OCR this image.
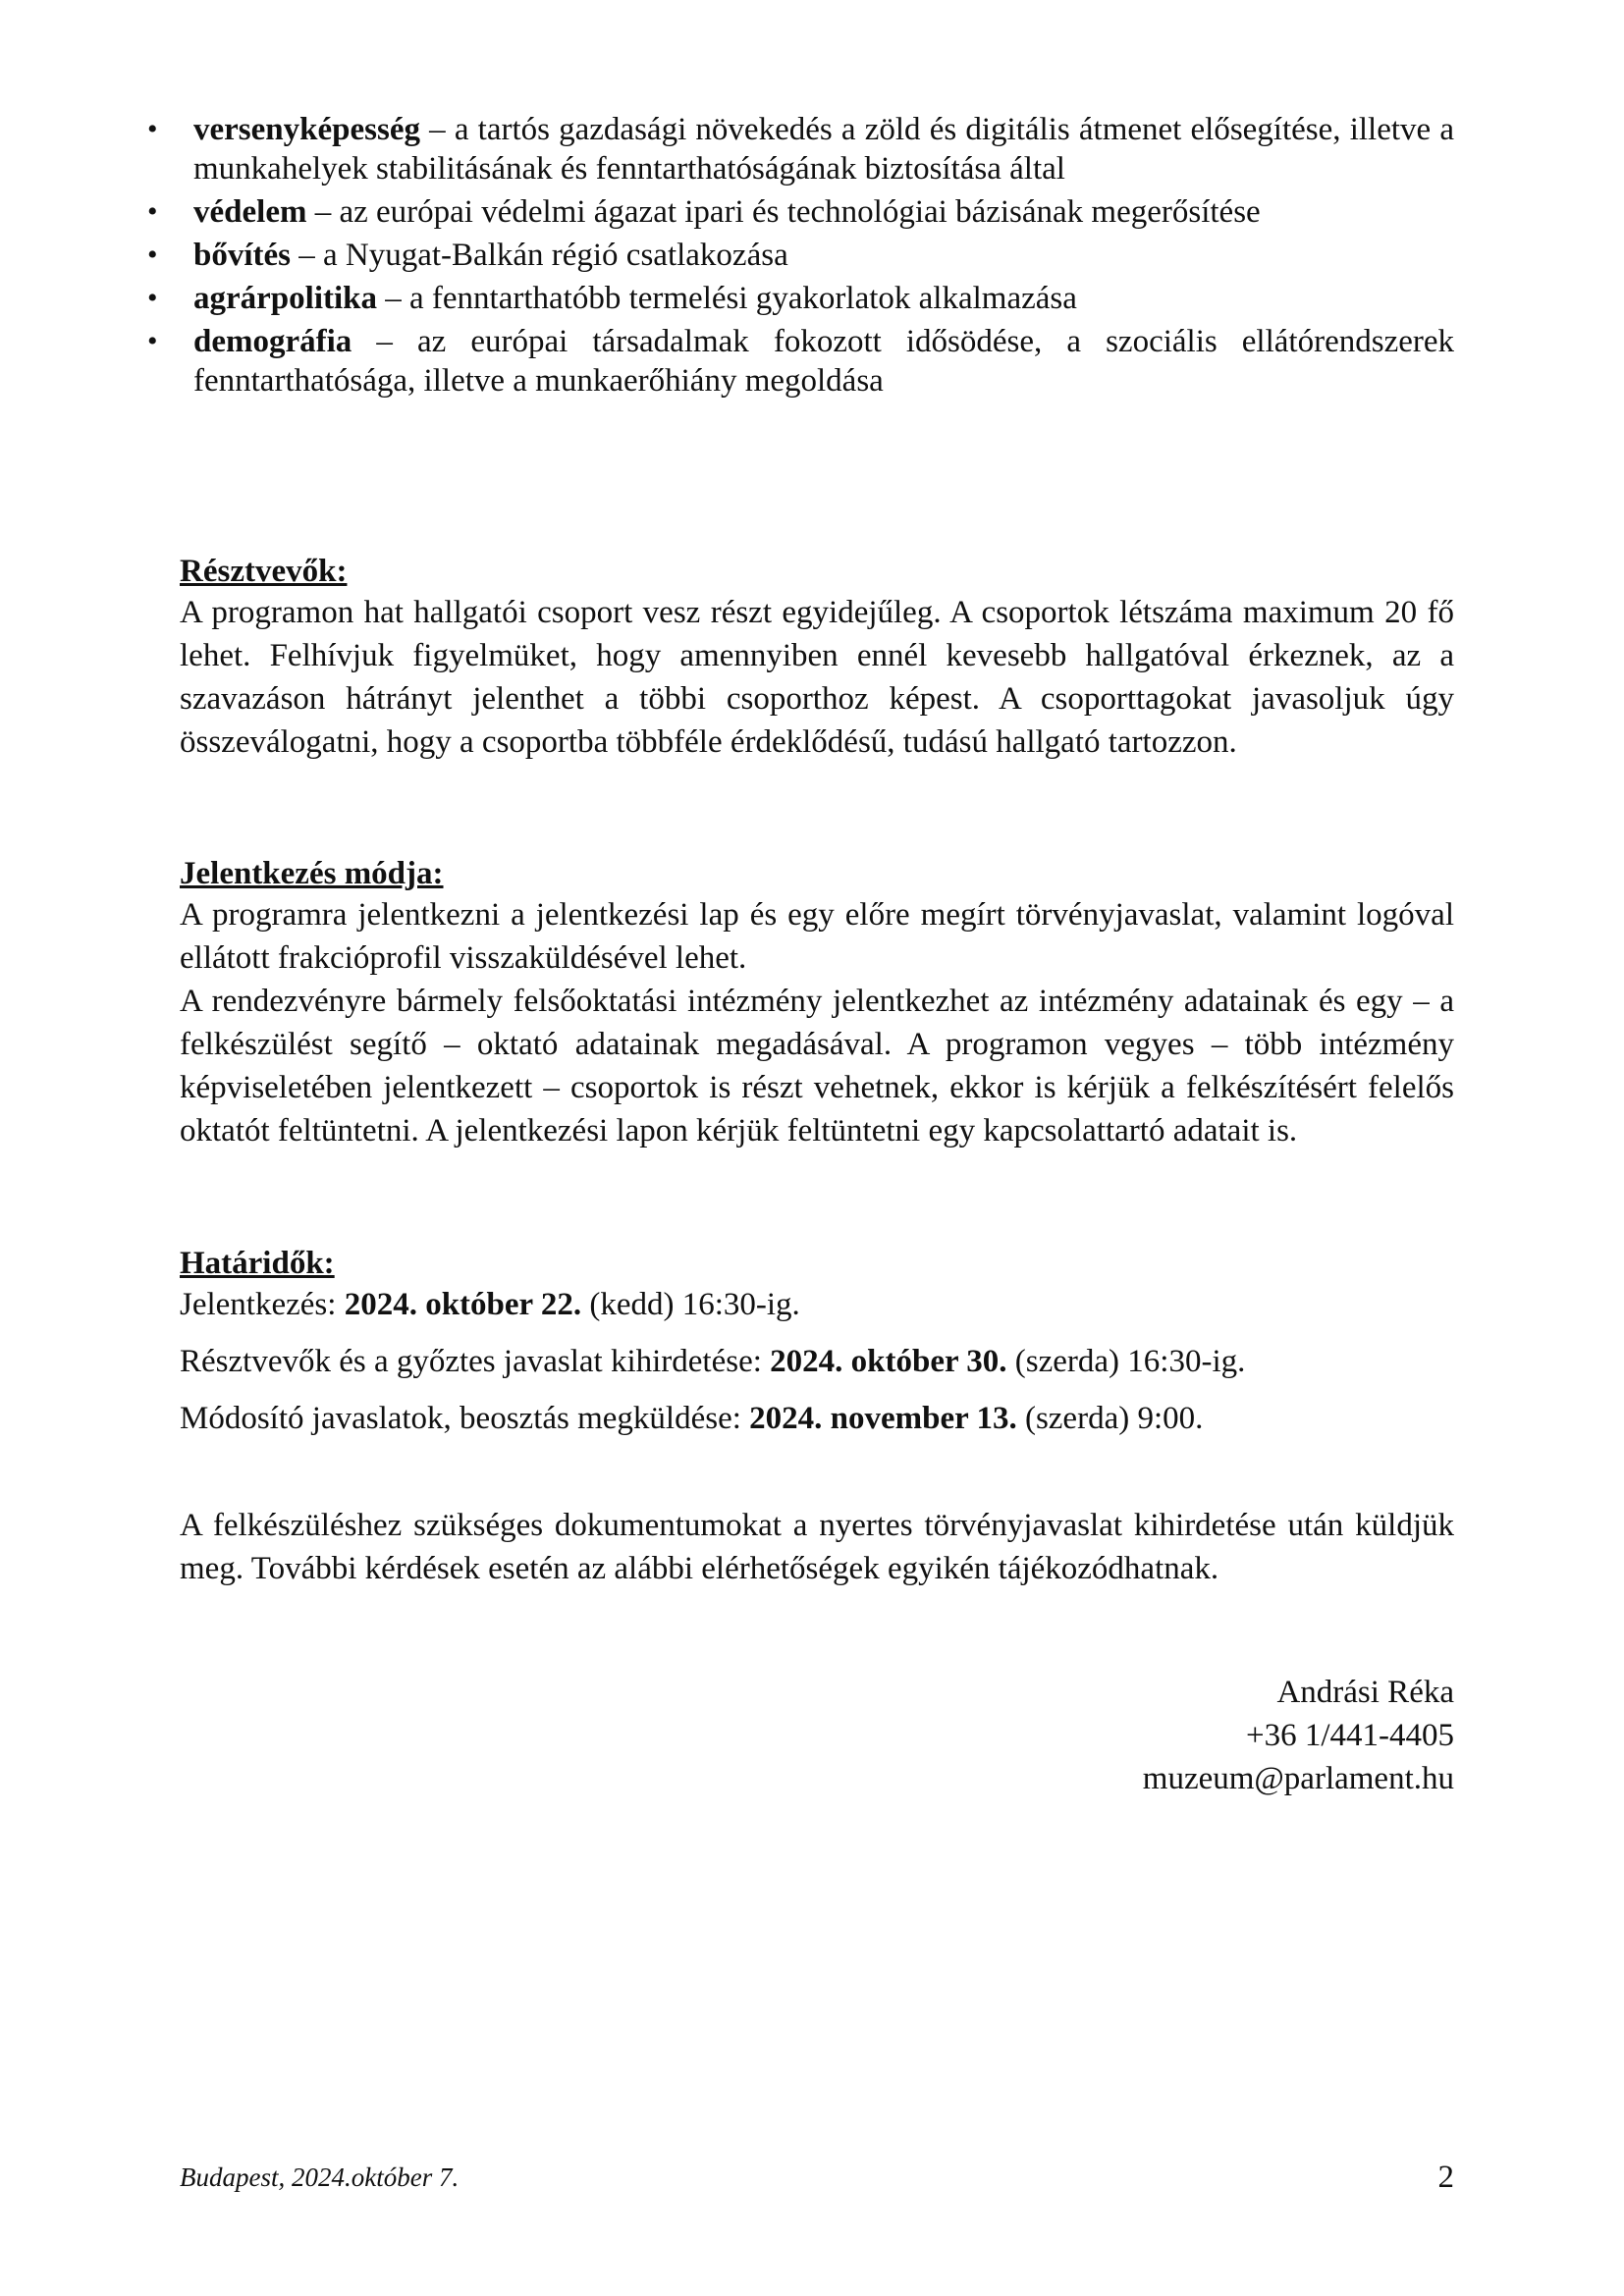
• versenyképesség – a tartós gazdasági növekedés a zöld és digitális átmenet elősegítése, illetve a munkahelyek stabilitásának és fenntarthatóságának biztosítása által
• védelem – az európai védelmi ágazat ipari és technológiai bázisának megerősítése
• bővítés – a Nyugat-Balkán régió csatlakozása
• agrárpolitika – a fenntarthatóbb termelési gyakorlatok alkalmazása
• demográfia – az európai társadalmak fokozott idősödése, a szociális ellátórendszerek fenntarthatósága, illetve a munkaerőhiány megoldása
Résztvevők:

A programon hat hallgatói csoport vesz részt egyidejűleg. A csoportok létszáma maximum 20 fő lehet. Felhívjuk figyelmüket, hogy amennyiben ennél kevesebb hallgatóval érkeznek, az a szavazáson hátrányt jelenthet a többi csoporthoz képest. A csoporttagokat javasoljuk úgy összeválogatni, hogy a csoportba többféle érdeklődésű, tudású hallgató tartozzon.

Jelentkezés módja:

A programra jelentkezni a jelentkezési lap és egy előre megírt törvényjavaslat, valamint logóval ellátott frakcióprofil visszaküldésével lehet.

A rendezvényre bármely felsőoktatási intézmény jelentkezhet az intézmény adatainak és egy – a felkészülést segítő – oktató adatainak megadásával. A programon vegyes – több intézmény képviseletében jelentkezett – csoportok is részt vehetnek, ekkor is kérjük a felkészítésért felelős oktatót feltüntetni. A jelentkezési lapon kérjük feltüntetni egy kapcsolattartó adatait is.

Határidők:
Jelentkezés: 2024. október 22. (kedd) 16:30-ig.
Résztvevők és a győztes javaslat kihirdetése: 2024. október 30. (szerda) 16:30-ig.
Módosító javaslatok, beosztás megküldése: 2024. november 13. (szerda) 9:00.

A felkészüléshez szükséges dokumentumokat a nyertes törvényjavaslat kihirdetése után küldjük meg. További kérdések esetén az alábbi elérhetőségek egyikén tájékozódhatnak.

Andrási Réka
+36 1/441-4405
muzeum@parlament.hu
Budapest, 2024.október 7.	2
